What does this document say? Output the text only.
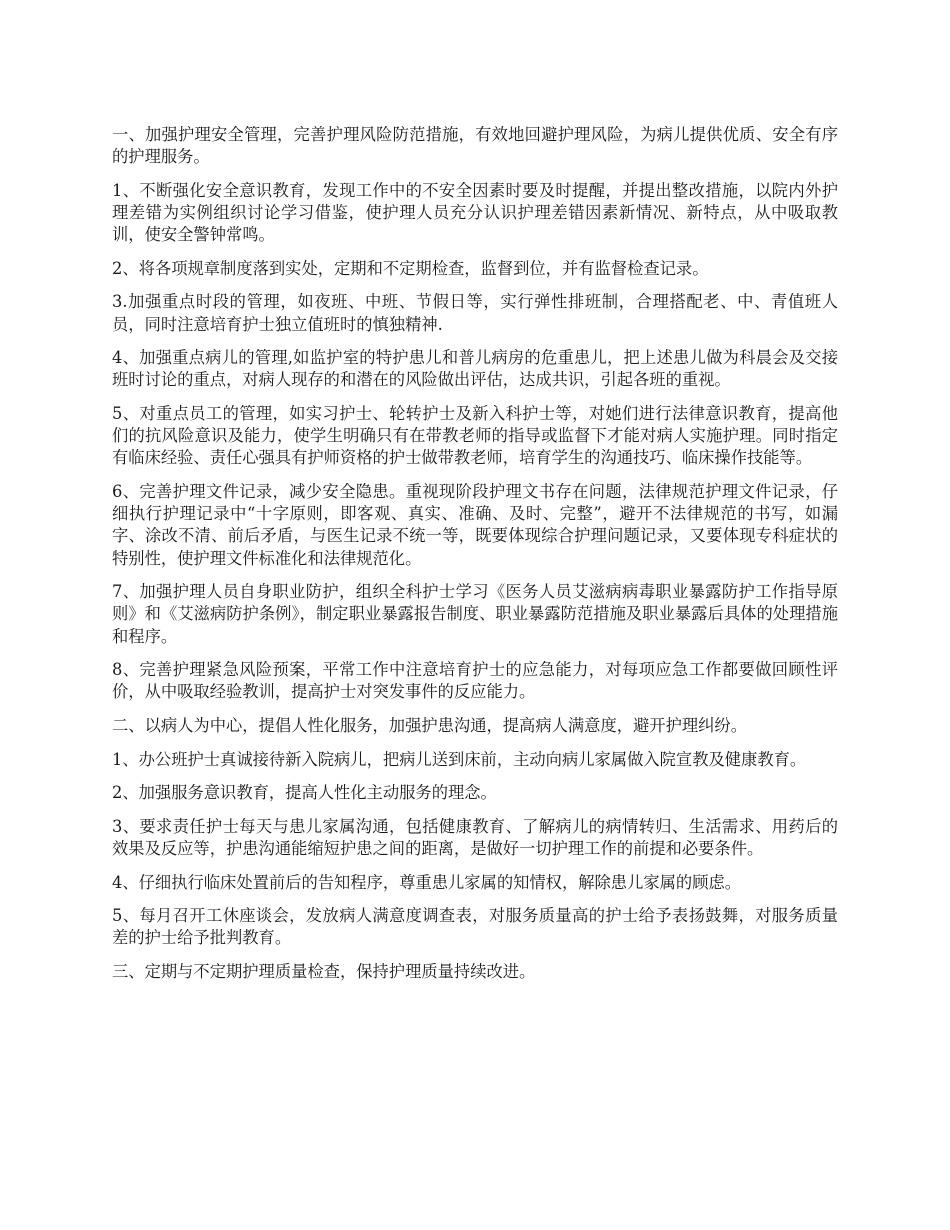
一、加强护理安全管理，完善护理风险防范措施，有效地回避护理风险，为病儿提供优质、安全有序的护理服务。

1、不断强化安全意识教育，发现工作中的不安全因素时要及时提醒，并提出整改措施，以院内外护理差错为实例组织讨论学习借鉴，使护理人员充分认识护理差错因素新情况、新特点，从中吸取教训，使安全警钟常鸣。

2、将各项规章制度落到实处，定期和不定期检查，监督到位，并有监督检查记录。

3.加强重点时段的管理，如夜班、中班、节假日等，实行弹性排班制，合理搭配老、中、青值班人员，同时注意培育护士独立值班时的慎独精神.

4、加强重点病儿的管理,如监护室的特护患儿和普儿病房的危重患儿，把上述患儿做为科晨会及交接班时讨论的重点，对病人现存的和潜在的风险做出评估，达成共识，引起各班的重视。

5、对重点员工的管理，如实习护士、轮转护士及新入科护士等，对她们进行法律意识教育，提高他们的抗风险意识及能力，使学生明确只有在带教老师的指导或监督下才能对病人实施护理。同时指定有临床经验、责任心强具有护师资格的护士做带教老师，培育学生的沟通技巧、临床操作技能等。

6、完善护理文件记录，减少安全隐患。重视现阶段护理文书存在问题，法律规范护理文件记录，仔细执行护理记录中“十字原则，即客观、真实、准确、及时、完整”，避开不法律规范的书写，如漏字、涂改不清、前后矛盾，与医生记录不统一等，既要体现综合护理问题记录，又要体现专科症状的特别性，使护理文件标准化和法律规范化。

7、加强护理人员自身职业防护，组织全科护士学习《医务人员艾滋病病毒职业暴露防护工作指导原则》和《艾滋病防护条例》，制定职业暴露报告制度、职业暴露防范措施及职业暴露后具体的处理措施和程序。

8、完善护理紧急风险预案，平常工作中注意培育护士的应急能力，对每项应急工作都要做回顾性评价，从中吸取经验教训，提高护士对突发事件的反应能力。

二、以病人为中心，提倡人性化服务，加强护患沟通，提高病人满意度，避开护理纠纷。

1、办公班护士真诚接待新入院病儿，把病儿送到床前，主动向病儿家属做入院宣教及健康教育。

2、加强服务意识教育，提高人性化主动服务的理念。

3、要求责任护士每天与患儿家属沟通，包括健康教育、了解病儿的病情转归、生活需求、用药后的效果及反应等，护患沟通能缩短护患之间的距离，是做好一切护理工作的前提和必要条件。

4、仔细执行临床处置前后的告知程序，尊重患儿家属的知情权，解除患儿家属的顾虑。

5、每月召开工休座谈会，发放病人满意度调查表，对服务质量高的护士给予表扬鼓舞，对服务质量差的护士给予批判教育。

三、定期与不定期护理质量检查，保持护理质量持续改进。
